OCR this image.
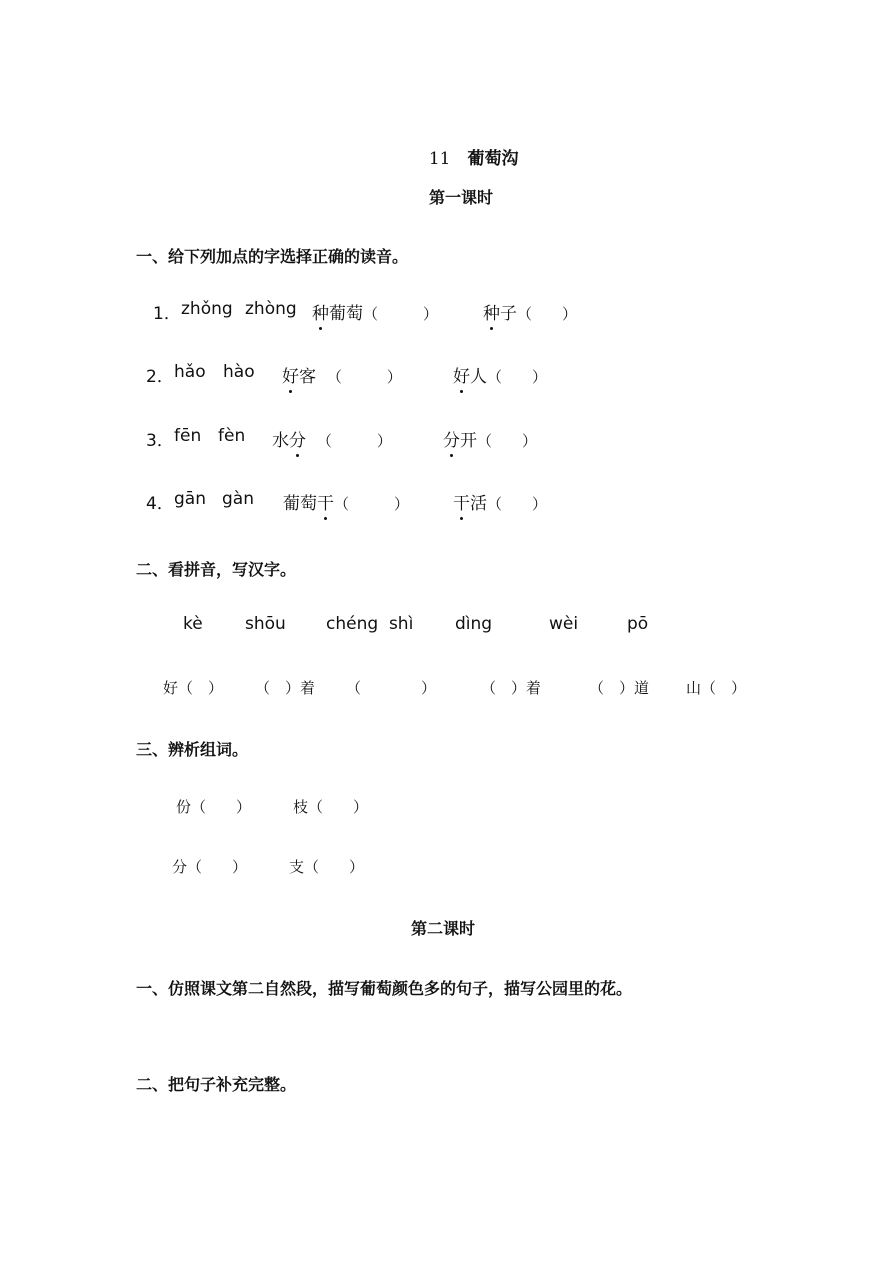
11　 葡萄沟

第一课时
一、给下列加点的字选择正确的读音。
1． zhǒng zhòng 种葡萄（　　　）	种子（　　）
2． hǎo hào 好客 （　　　）	好人（　　）
3． fēn fèn 水分 （　　　）	分开（　　）
4． gān gàn 葡萄干（　　　）	干活（　　）
二、看拼音，写汉字。
kè shōu chéng  shì dìng	wèi	pō
好（　） （　）着 （　　　　）	（　）着	（　）道 山（　）
三、辨析组词。
份（　　）	枝（　　）
分（　　）	支（　　）
第二课时
一、仿照课文第二自然段，描写葡萄颜色多的句子，描写公园里的花。
二、把句子补充完整。
